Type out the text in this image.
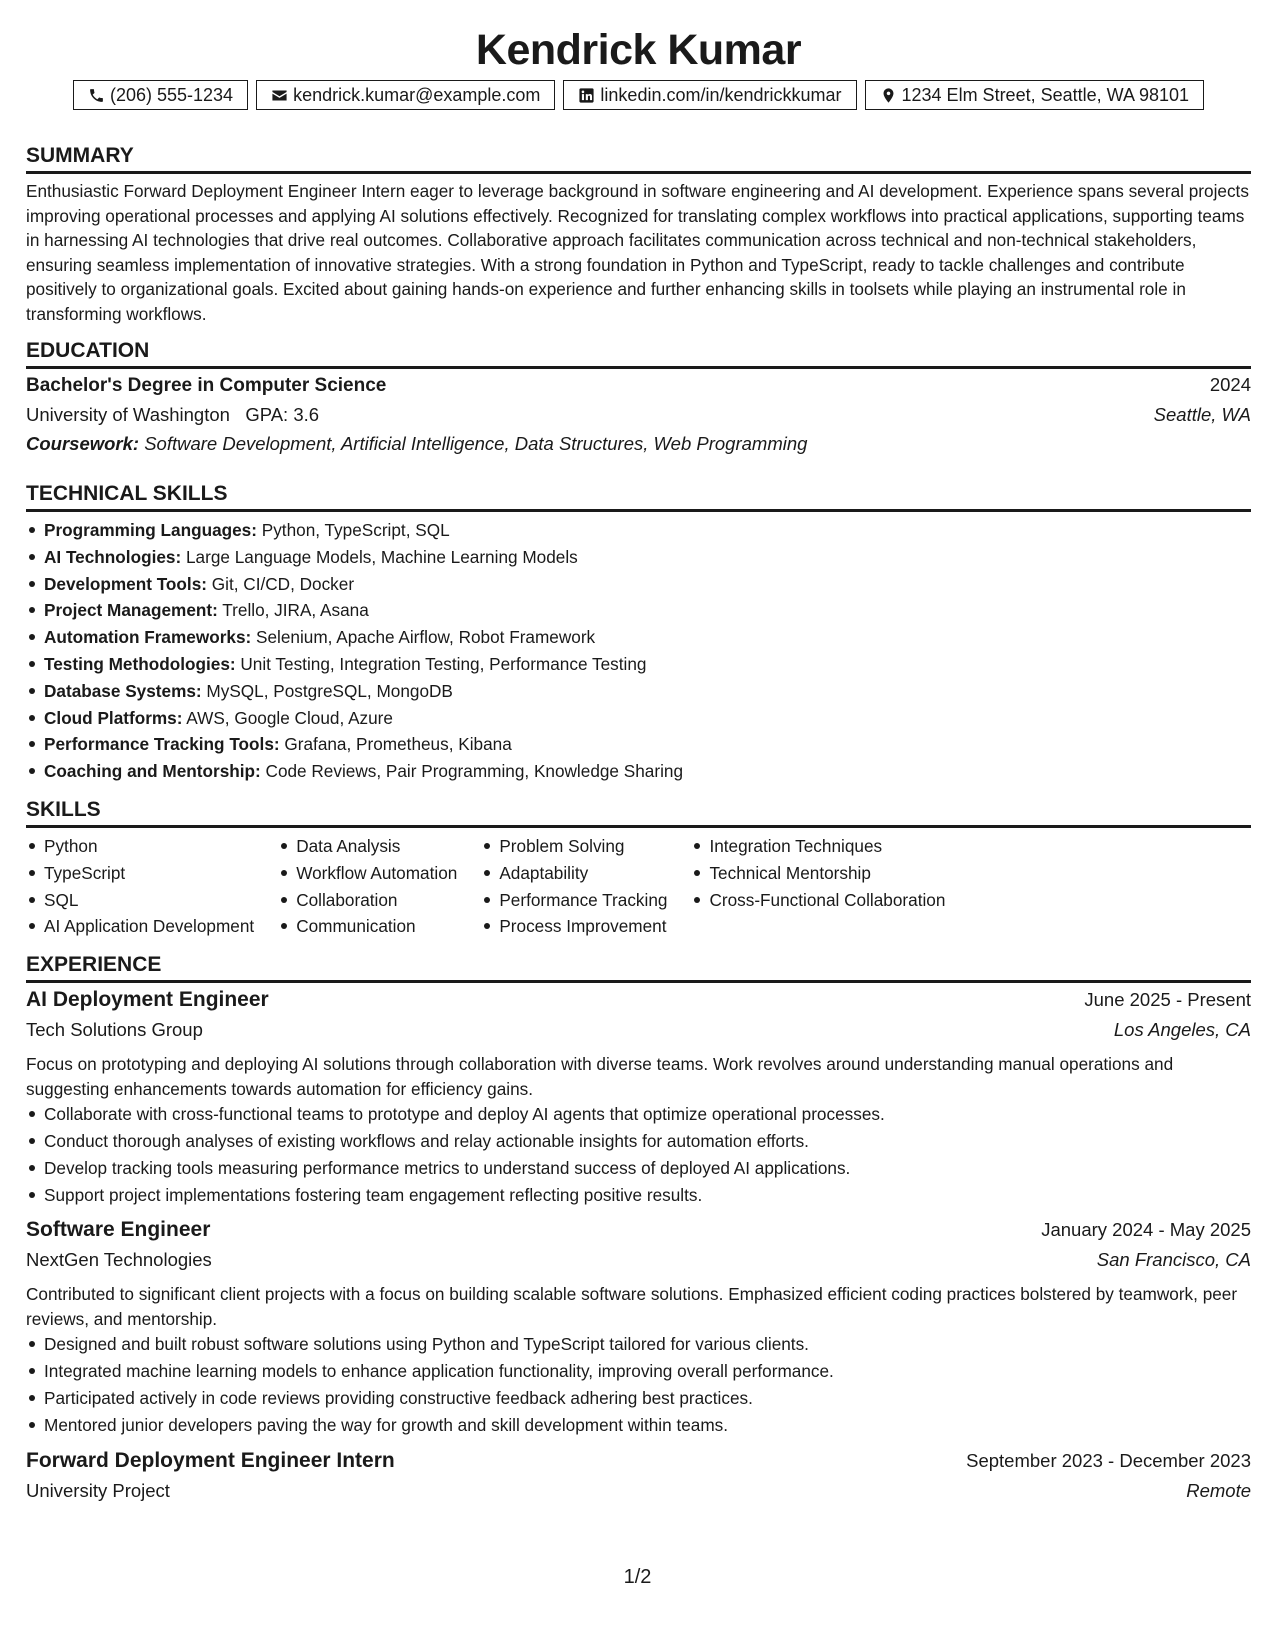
Kendrick Kumar
(206) 555-1234	kendrick.kumar@example.com	linkedin.com/in/kendrickkumar	1234 Elm Street, Seattle, WA 98101
SUMMARY
Enthusiastic Forward Deployment Engineer Intern eager to leverage background in software engineering and AI development. Experience spans several projects improving operational processes and applying AI solutions effectively. Recognized for translating complex workflows into practical applications, supporting teams in harnessing AI technologies that drive real outcomes. Collaborative approach facilitates communication across technical and non-technical stakeholders, ensuring seamless implementation of innovative strategies. With a strong foundation in Python and TypeScript, ready to tackle challenges and contribute positively to organizational goals. Excited about gaining hands-on experience and further enhancing skills in toolsets while playing an instrumental role in transforming workflows.
EDUCATION
Bachelor's Degree in Computer Science	2024
University of Washington GPA: 3.6	Seattle, WA
Coursework: Software Development, Artificial Intelligence, Data Structures, Web Programming
TECHNICAL SKILLS
Programming Languages: Python, TypeScript, SQL
AI Technologies: Large Language Models, Machine Learning Models
Development Tools: Git, CI/CD, Docker
Project Management: Trello, JIRA, Asana
Automation Frameworks: Selenium, Apache Airflow, Robot Framework
Testing Methodologies: Unit Testing, Integration Testing, Performance Testing
Database Systems: MySQL, PostgreSQL, MongoDB
Cloud Platforms: AWS, Google Cloud, Azure
Performance Tracking Tools: Grafana, Prometheus, Kibana
Coaching and Mentorship: Code Reviews, Pair Programming, Knowledge Sharing
SKILLS
Python
TypeScript
SQL
AI Application Development
Data Analysis
Workflow Automation
Collaboration
Communication
Problem Solving
Adaptability
Performance Tracking
Process Improvement
Integration Techniques
Technical Mentorship
Cross-Functional Collaboration
EXPERIENCE
AI Deployment Engineer	June 2025 - Present
Tech Solutions Group	Los Angeles, CA
Focus on prototyping and deploying AI solutions through collaboration with diverse teams. Work revolves around understanding manual operations and suggesting enhancements towards automation for efficiency gains.
Collaborate with cross-functional teams to prototype and deploy AI agents that optimize operational processes.
Conduct thorough analyses of existing workflows and relay actionable insights for automation efforts.
Develop tracking tools measuring performance metrics to understand success of deployed AI applications.
Support project implementations fostering team engagement reflecting positive results.
Software Engineer	January 2024 - May 2025
NextGen Technologies	San Francisco, CA
Contributed to significant client projects with a focus on building scalable software solutions. Emphasized efficient coding practices bolstered by teamwork, peer reviews, and mentorship.
Designed and built robust software solutions using Python and TypeScript tailored for various clients.
Integrated machine learning models to enhance application functionality, improving overall performance.
Participated actively in code reviews providing constructive feedback adhering best practices.
Mentored junior developers paving the way for growth and skill development within teams.
Forward Deployment Engineer Intern	September 2023 - December 2023
University Project	Remote
1/2
